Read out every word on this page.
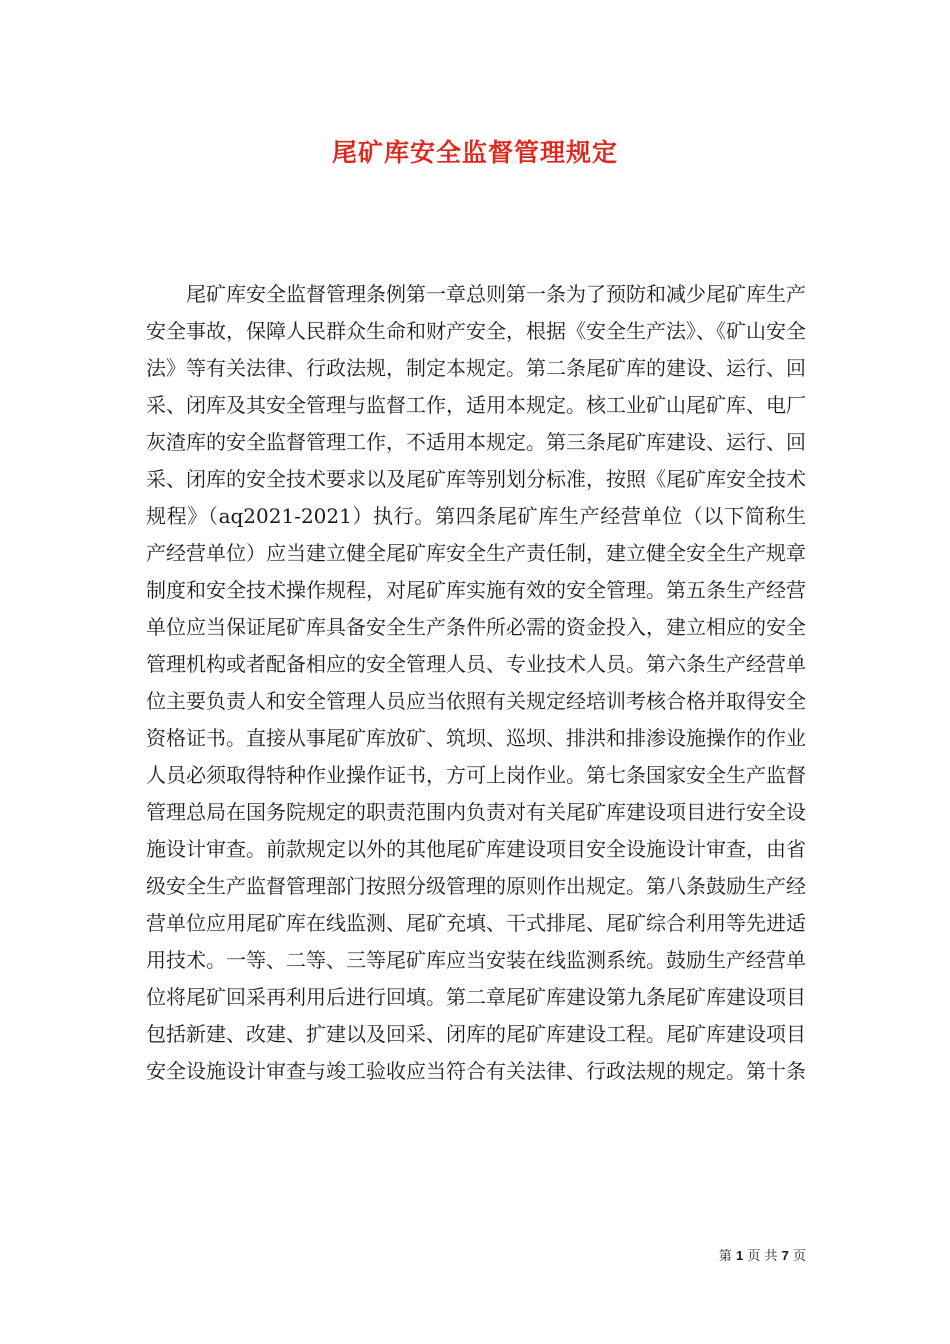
尾矿库安全监督管理规定

尾矿库安全监督管理条例第一章总则第一条为了预防和减少尾矿库生产安全事故，保障人民群众生命和财产安全，根据《安全生产法》、《矿山安全法》等有关法律、行政法规，制定本规定。第二条尾矿库的建设、运行、回采、闭库及其安全管理与监督工作，适用本规定。核工业矿山尾矿库、电厂灰渣库的安全监督管理工作，不适用本规定。第三条尾矿库建设、运行、回采、闭库的安全技术要求以及尾矿库等别划分标准，按照《尾矿库安全技术规程》（aq2021-2021）执行。第四条尾矿库生产经营单位（以下简称生产经营单位）应当建立健全尾矿库安全生产责任制，建立健全安全生产规章制度和安全技术操作规程，对尾矿库实施有效的安全管理。第五条生产经营单位应当保证尾矿库具备安全生产条件所必需的资金投入，建立相应的安全管理机构或者配备相应的安全管理人员、专业技术人员。第六条生产经营单位主要负责人和安全管理人员应当依照有关规定经培训考核合格并取得安全资格证书。直接从事尾矿库放矿、筑坝、巡坝、排洪和排渗设施操作的作业人员必须取得特种作业操作证书，方可上岗作业。第七条国家安全生产监督管理总局在国务院规定的职责范围内负责对有关尾矿库建设项目进行安全设施设计审查。前款规定以外的其他尾矿库建设项目安全设施设计审查，由省级安全生产监督管理部门按照分级管理的原则作出规定。第八条鼓励生产经营单位应用尾矿库在线监测、尾矿充填、干式排尾、尾矿综合利用等先进适用技术。一等、二等、三等尾矿库应当安装在线监测系统。鼓励生产经营单位将尾矿回采再利用后进行回填。第二章尾矿库建设第九条尾矿库建设项目包括新建、改建、扩建以及回采、闭库的尾矿库建设工程。尾矿库建设项目安全设施设计审查与竣工验收应当符合有关法律、行政法规的规定。第十条

第 1 页 共 7 页
